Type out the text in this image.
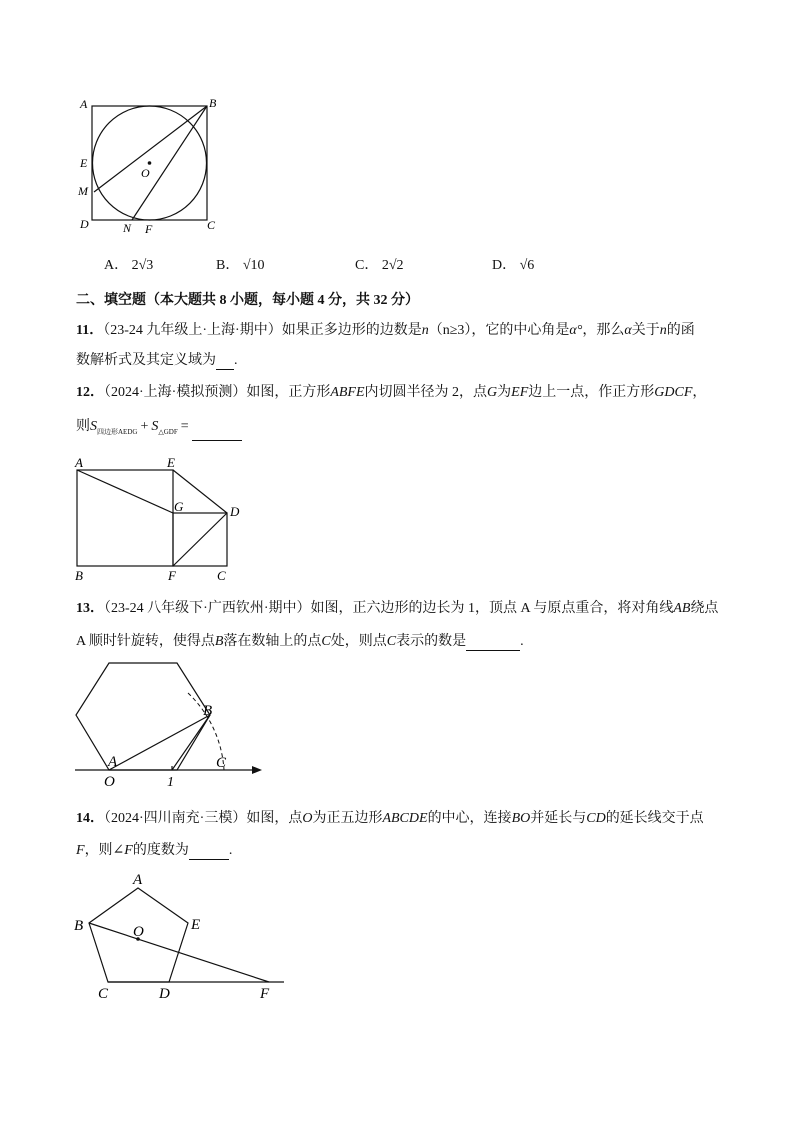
A	B
E
M
D	N F	C
O
A． 2√3	B． √10	C． 2√2	D． √6
二、填空题（本大题共 8 小题，每小题 4 分，共 32 分）
11．（23-24 九年级上·上海·期中）如果正多边形的边数是n（n≥3），它的中心角是α°，那么α关于n的函
数解析式及其定义域为 .
12．（2024·上海·模拟预测）如图，正方形ABFE内切圆半径为 2，点G为EF边上一点，作正方形GDCF，
则$S_{四边形AEDG} + S_{\triangle GDF}$ =
A	E
G	D
B	F	C
13．（23-24 八年级下·广西钦州·期中）如图，正六边形的边长为 1，顶点 A 与原点重合，将对角线AB绕点
A 顺时针旋转，使得点B落在数轴上的点C处，则点C表示的数是	.
B
A
O	1
C
14．（2024·四川南充·三模）如图，点O为正五边形ABCDE的中心，连接BO并延长与CD的延长线交于点
F，则∠F的度数为	.
A
B	O	E
C	D	F
